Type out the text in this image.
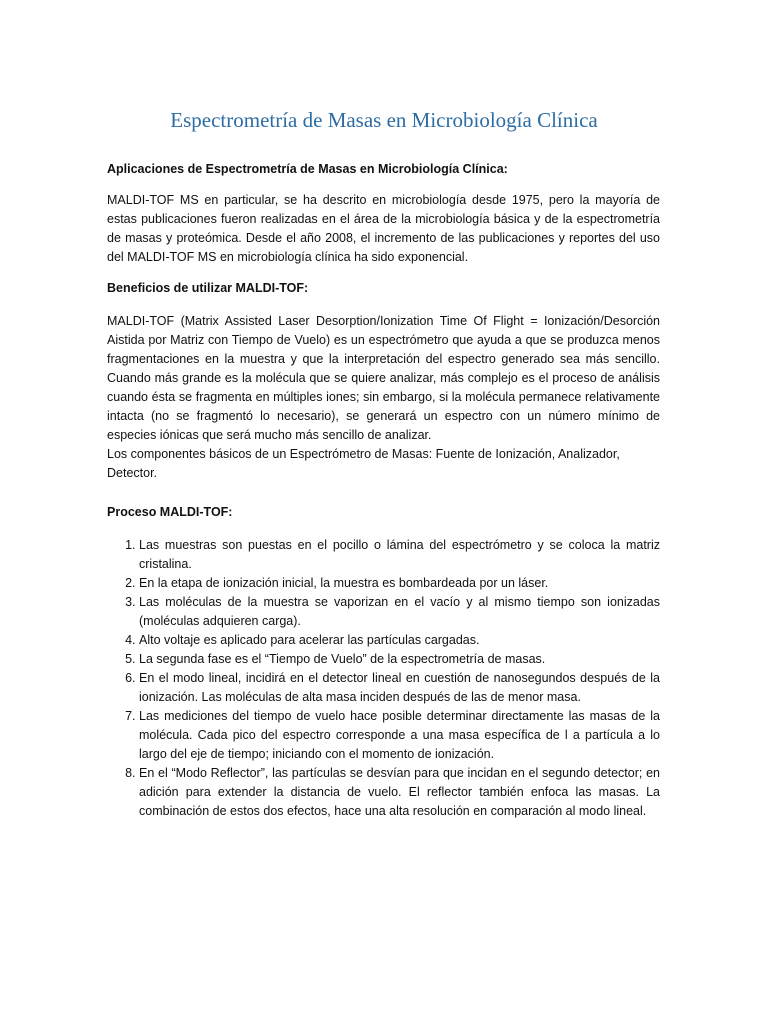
Espectrometría de Masas en Microbiología Clínica
Aplicaciones de Espectrometría de Masas en Microbiología Clínica:

MALDI-TOF MS en particular, se ha descrito en microbiología desde 1975, pero la mayoría de estas publicaciones fueron realizadas en el área de la microbiología básica y de la espectrometría de masas y proteómica. Desde el año 2008, el incremento de las publicaciones y reportes del uso del MALDI-TOF MS en microbiología clínica ha sido exponencial.

Beneficios de utilizar MALDI-TOF:

MALDI-TOF (Matrix Assisted Laser Desorption/Ionization Time Of Flight = Ionización/Desorción Aistida por Matriz con Tiempo de Vuelo) es un espectrómetro que ayuda a que se produzca menos fragmentaciones en la muestra y que la interpretación del espectro generado sea más sencillo. Cuando más grande es la molécula que se quiere analizar, más complejo es el proceso de análisis cuando ésta se fragmenta en múltiples iones; sin embargo, si la molécula permanece relativamente intacta (no se fragmentó lo necesario), se generará un espectro con un número mínimo de especies iónicas que será mucho más sencillo de analizar.

Los componentes básicos de un Espectrómetro de Masas: Fuente de Ionización, Analizador, Detector.

Proceso MALDI-TOF:
1. Las muestras son puestas en el pocillo o lámina del espectrómetro y se coloca la matriz cristalina.
2. En la etapa de ionización inicial, la muestra es bombardeada por un láser.
3. Las moléculas de la muestra se vaporizan en el vacío y al mismo tiempo son ionizadas (moléculas adquieren carga).
4. Alto voltaje es aplicado para acelerar las partículas cargadas.
5. La segunda fase es el “Tiempo de Vuelo” de la espectrometría de masas.
6. En el modo lineal, incidirá en el detector lineal en cuestión de nanosegundos después de la ionización. Las moléculas de alta masa inciden después de las de menor masa.
7. Las mediciones del tiempo de vuelo hace posible determinar directamente las masas de la molécula. Cada pico del espectro corresponde a una masa específica de l a partícula a lo largo del eje de tiempo; iniciando con el momento de ionización.
8. En el “Modo Reflector”, las partículas se desvían para que incidan en el segundo detector; en adición para extender la distancia de vuelo. El reflector también enfoca las masas. La combinación de estos dos efectos, hace una alta resolución en comparación al modo lineal.
